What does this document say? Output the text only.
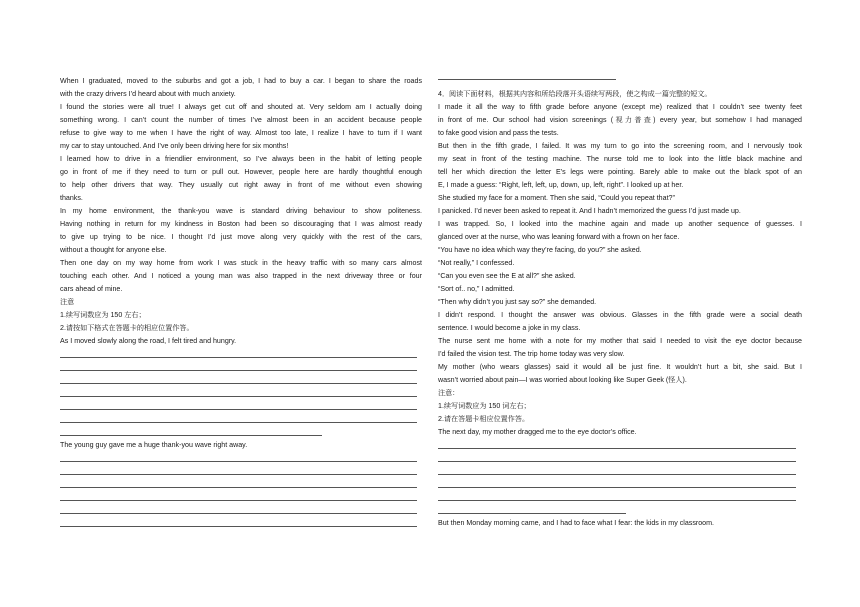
When I graduated, moved to the suburbs and got a job, I had to buy a car. I began to share the roads
with the crazy drivers I’d heard about with much anxiety.
I found the stories were all true! I always get cut off and shouted at. Very seldom am I actually doing
something wrong. I can’t count the number of times I’ve almost been in an accident because people
refuse to give way to me when I have the right of way. Almost too late, I realize I have to turn if I want
my car to stay untouched. And I’ve only been driving here for six months!
I learned how to drive in a friendlier environment, so I’ve always been in the habit of letting people
go in front of me if they need to turn or pull out. However, people here are hardly thoughtful enough
to help other drivers that way. They usually cut right away in front of me without even showing
thanks.
In my home environment, the thank-you wave is standard driving behaviour to show politeness.
Having nothing in return for my kindness in Boston had been so discouraging that I was almost ready
to give up trying to be nice. I thought I’d just move along very quickly with the rest of the cars,
without a thought for anyone else.
Then one day on my way home from work I was stuck in the heavy traffic with so many cars almost
touching each other. And I noticed a young man was also trapped in the next driveway three or four
cars ahead of mine.
注意
1.续写词数应为 150 左右；
2.请按如下格式在答题卡的相应位置作答。
As I moved slowly along the road, I felt tired and hungry.
The young guy gave me a huge thank-you wave right away.
4．阅读下面材料，根据其内容和所给段落开头语续写两段，使之构成一篇完整的短文。
I made it all the way to fifth grade before anyone (except me) realized that I couldn’t see twenty feet
in front of me. Our school had vision screenings (视力普查) every year, but somehow I had managed
to fake good vision and pass the tests.
But then in the fifth grade, I failed. It was my turn to go into the screening room, and I nervously took
my seat in front of the testing machine. The nurse told me to look into the little black machine and
tell her which direction the letter E’s legs were pointing. Barely able to make out the black spot of an
E, I made a guess: “Right, left, left, up, down, up, left, right”. I looked up at her.
She studied my face for a moment. Then she said, “Could you repeat that?”
I panicked. I’d never been asked to repeat it. And I hadn’t memorized the guess I’d just made up.
I was trapped. So, I looked into the machine again and made up another sequence of guesses. I
glanced over at the nurse, who was leaning forward with a frown on her face.
“You have no idea which way they’re facing, do you?” she asked.
“Not really,” I confessed.
“Can you even see the E at all?” she asked.
“Sort of.. no,” I admitted.
“Then why didn’t you just say so?” she demanded.
I didn’t respond. I thought the answer was obvious. Glasses in the fifth grade were a social death
sentence. I would become a joke in my class.
The nurse sent me home with a note for my mother that said I needed to visit the eye doctor because
I’d failed the vision test. The trip home today was very slow.
My mother (who wears glasses) said it would all be just fine. It wouldn’t hurt a bit, she said. But I
wasn’t worried about pain—I was worried about looking like Super Geek (怪人).
注意：
1.续写词数应为 150 词左右；
2.请在答题卡相应位置作答。
The next day, my mother dragged me to the eye doctor’s office.
But then Monday morning came, and I had to face what I fear: the kids in my classroom.
